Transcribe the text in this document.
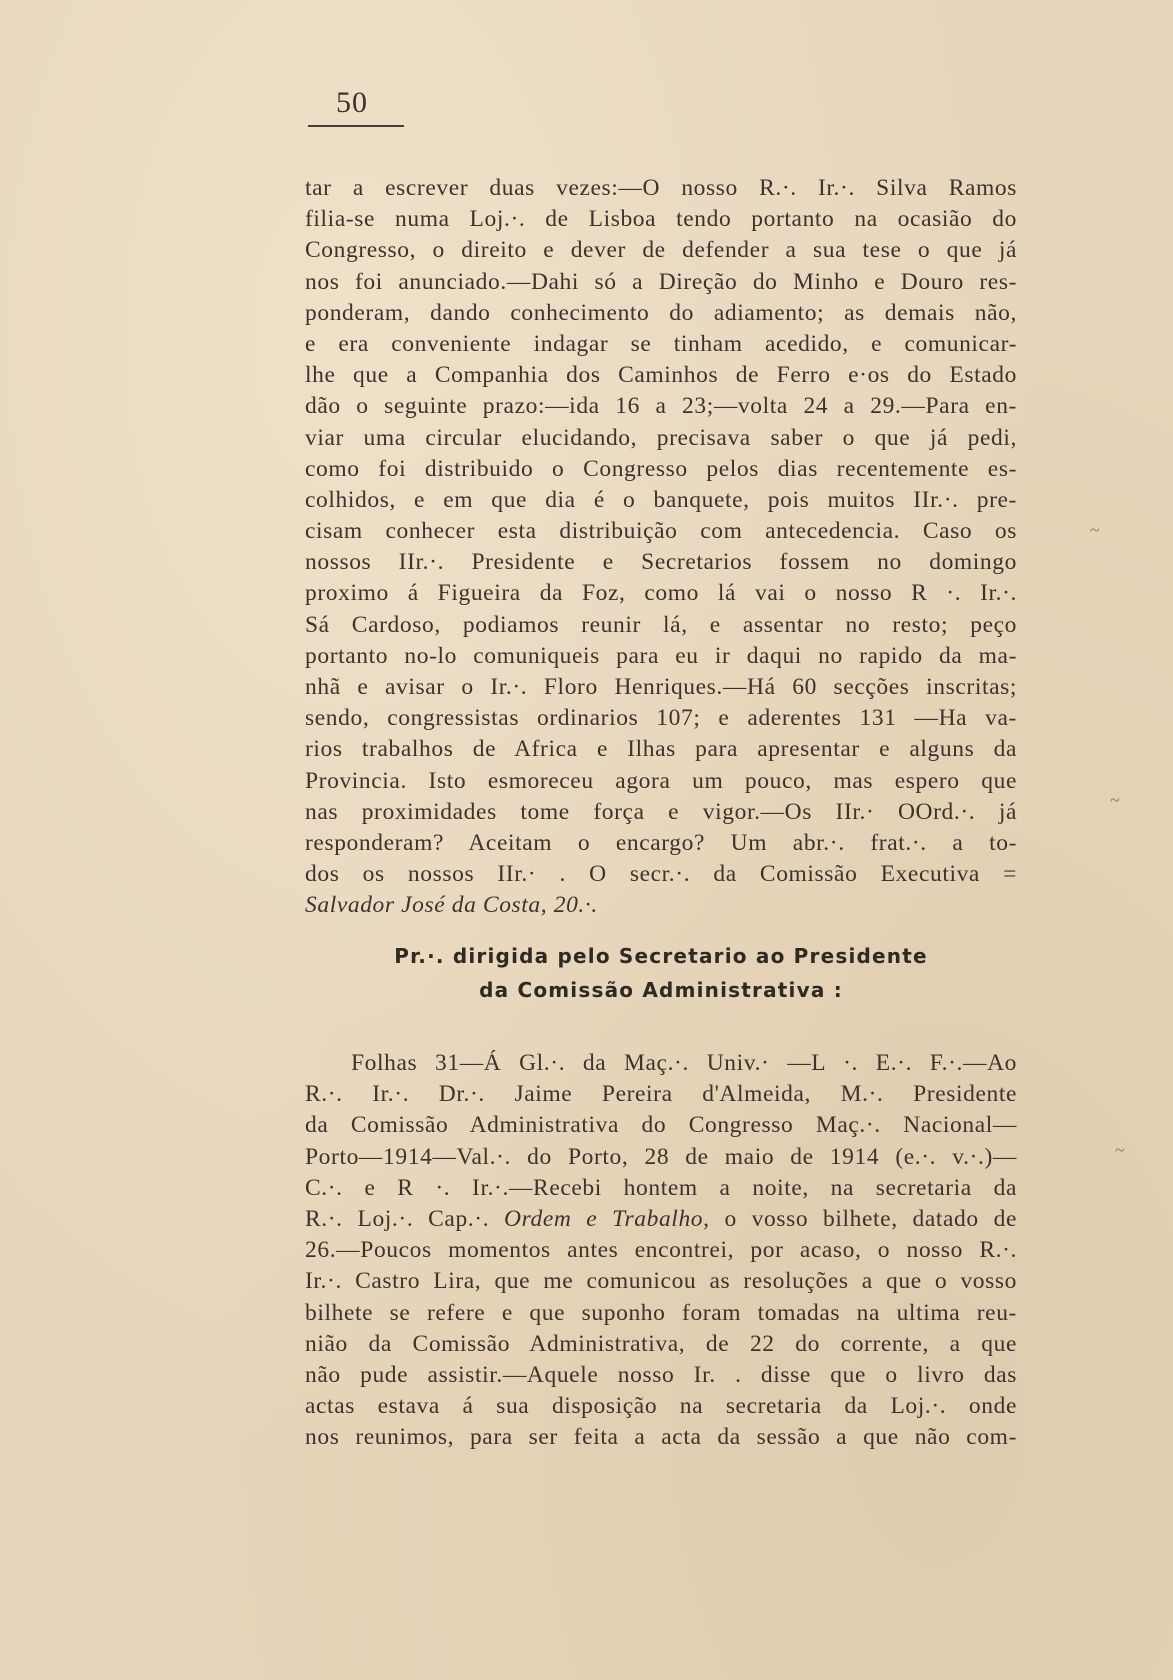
50
tar a escrever duas vezes:—O nosso R.·. Ir.·. Silva Ramos
filia-se numa Loj.·. de Lisboa tendo portanto na ocasião do
Congresso, o direito e dever de defender a sua tese o que já
nos foi anunciado.—Dahi só a Direção do Minho e Douro res-
ponderam, dando conhecimento do adiamento; as demais não,
e era conveniente indagar se tinham acedido, e comunicar-
lhe que a Companhia dos Caminhos de Ferro e·os do Estado
dão o seguinte prazo:—ida 16 a 23;—volta 24 a 29.—Para en-
viar uma circular elucidando, precisava saber o que já pedi,
como foi distribuido o Congresso pelos dias recentemente es-
colhidos, e em que dia é o banquete, pois muitos IIr.·. pre-
cisam conhecer esta distribuição com antecedencia. Caso os
nossos IIr.·. Presidente e Secretarios fossem no domingo
proximo á Figueira da Foz, como lá vai o nosso R ·. Ir.·.
Sá Cardoso, podiamos reunir lá, e assentar no resto; peço
portanto no-lo comuniqueis para eu ir daqui no rapido da ma-
nhã e avisar o Ir.·. Floro Henriques.—Há 60 secções inscritas;
sendo, congressistas ordinarios 107; e aderentes 131 —Ha va-
rios trabalhos de Africa e Ilhas para apresentar e alguns da
Provincia. Isto esmoreceu agora um pouco, mas espero que
nas proximidades tome força e vigor.—Os IIr.· OOrd.·. já
responderam? Aceitam o encargo? Um abr.·. frat.·. a to-
dos os nossos IIr.· . O secr.·. da Comissão Executiva =
Salvador José da Costa, 20.·.
Pr.·. dirigida pelo Secretario ao Presidente
da Comissão Administrativa :
Folhas 31—Á Gl.·. da Maç.·. Univ.· —L ·. E.·. F.·.—Ao
R.·. Ir.·. Dr.·. Jaime Pereira d'Almeida, M.·. Presidente
da Comissão Administrativa do Congresso Maç.·. Nacional—
Porto—1914—Val.·. do Porto, 28 de maio de 1914 (e.·. v.·.)—
C.·. e R ·. Ir.·.—Recebi hontem a noite, na secretaria da
R.·. Loj.·. Cap.·. Ordem e Trabalho, o vosso bilhete, datado de
26.—Poucos momentos antes encontrei, por acaso, o nosso R.·.
Ir.·. Castro Lira, que me comunicou as resoluções a que o vosso
bilhete se refere e que suponho foram tomadas na ultima reu-
nião da Comissão Administrativa, de 22 do corrente, a que
não pude assistir.—Aquele nosso Ir. . disse que o livro das
actas estava á sua disposição na secretaria da Loj.·. onde
nos reunimos, para ser feita a acta da sessão a que não com-
~
~
~
